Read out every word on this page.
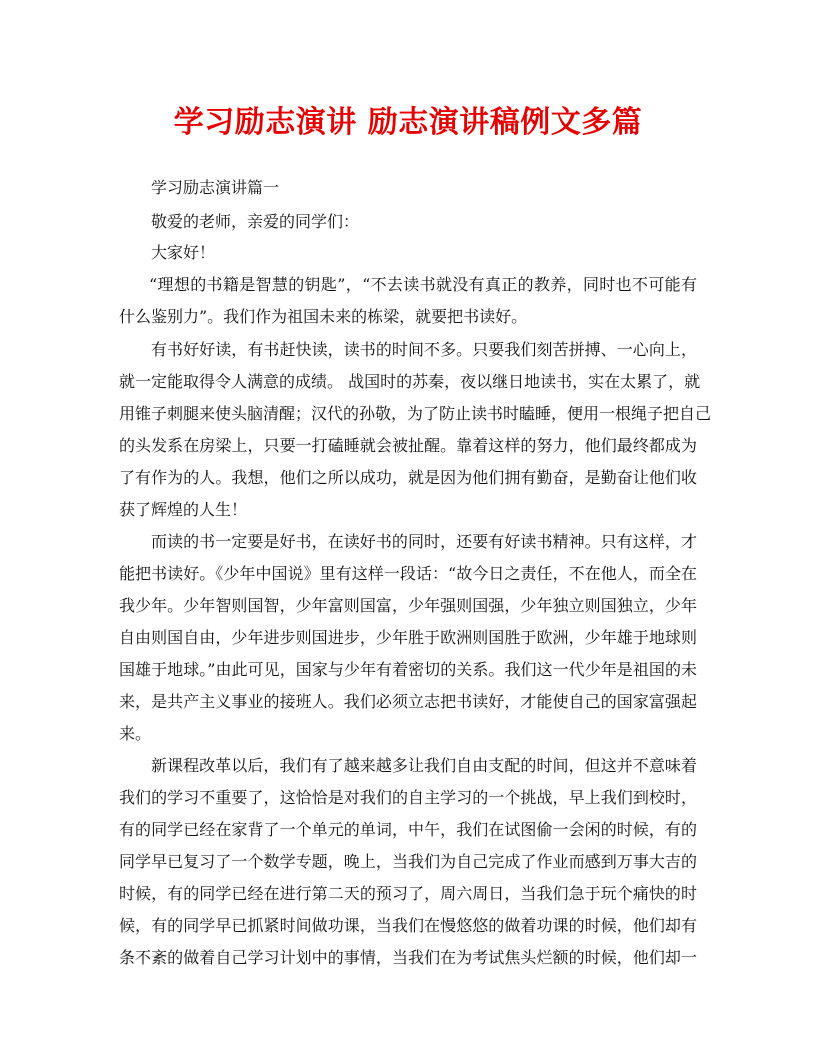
学习励志演讲 励志演讲稿例文多篇
学习励志演讲篇一
敬爱的老师，亲爱的同学们：
大家好！
“理想的书籍是智慧的钥匙”，“不去读书就没有真正的教养，同时也不可能有
什么鉴别力”。我们作为祖国未来的栋梁，就要把书读好。
有书好好读，有书赶快读，读书的时间不多。只要我们刻苦拼搏、一心向上，
就一定能取得令人满意的成绩。 战国时的苏秦，夜以继日地读书，实在太累了，就
用锥子刺腿来使头脑清醒；汉代的孙敬，为了防止读书时瞌睡，便用一根绳子把自己
的头发系在房梁上，只要一打磕睡就会被扯醒。靠着这样的努力，他们最终都成为
了有作为的人。我想，他们之所以成功，就是因为他们拥有勤奋，是勤奋让他们收
获了辉煌的人生！
而读的书一定要是好书，在读好书的同时，还要有好读书精神。只有这样，才
能把书读好。《少年中国说》里有这样一段话：“故今日之责任，不在他人，而全在
我少年。少年智则国智，少年富则国富，少年强则国强，少年独立则国独立，少年
自由则国自由，少年进步则国进步，少年胜于欧洲则国胜于欧洲，少年雄于地球则
国雄于地球。”由此可见，国家与少年有着密切的关系。我们这一代少年是祖国的未
来，是共产主义事业的接班人。我们必须立志把书读好，才能使自己的国家富强起
来。
新课程改革以后，我们有了越来越多让我们自由支配的时间，但这并不意味着
我们的学习不重要了，这恰恰是对我们的自主学习的一个挑战，早上我们到校时，
有的同学已经在家背了一个单元的单词，中午，我们在试图偷一会闲的时候，有的
同学早已复习了一个数学专题，晚上，当我们为自己完成了作业而感到万事大吉的
时候，有的同学已经在进行第二天的预习了，周六周日，当我们急于玩个痛快的时
候，有的同学早已抓紧时间做功课，当我们在慢悠悠的做着功课的时候，他们却有
条不紊的做着自己学习计划中的事情，当我们在为考试焦头烂额的时候，他们却一
